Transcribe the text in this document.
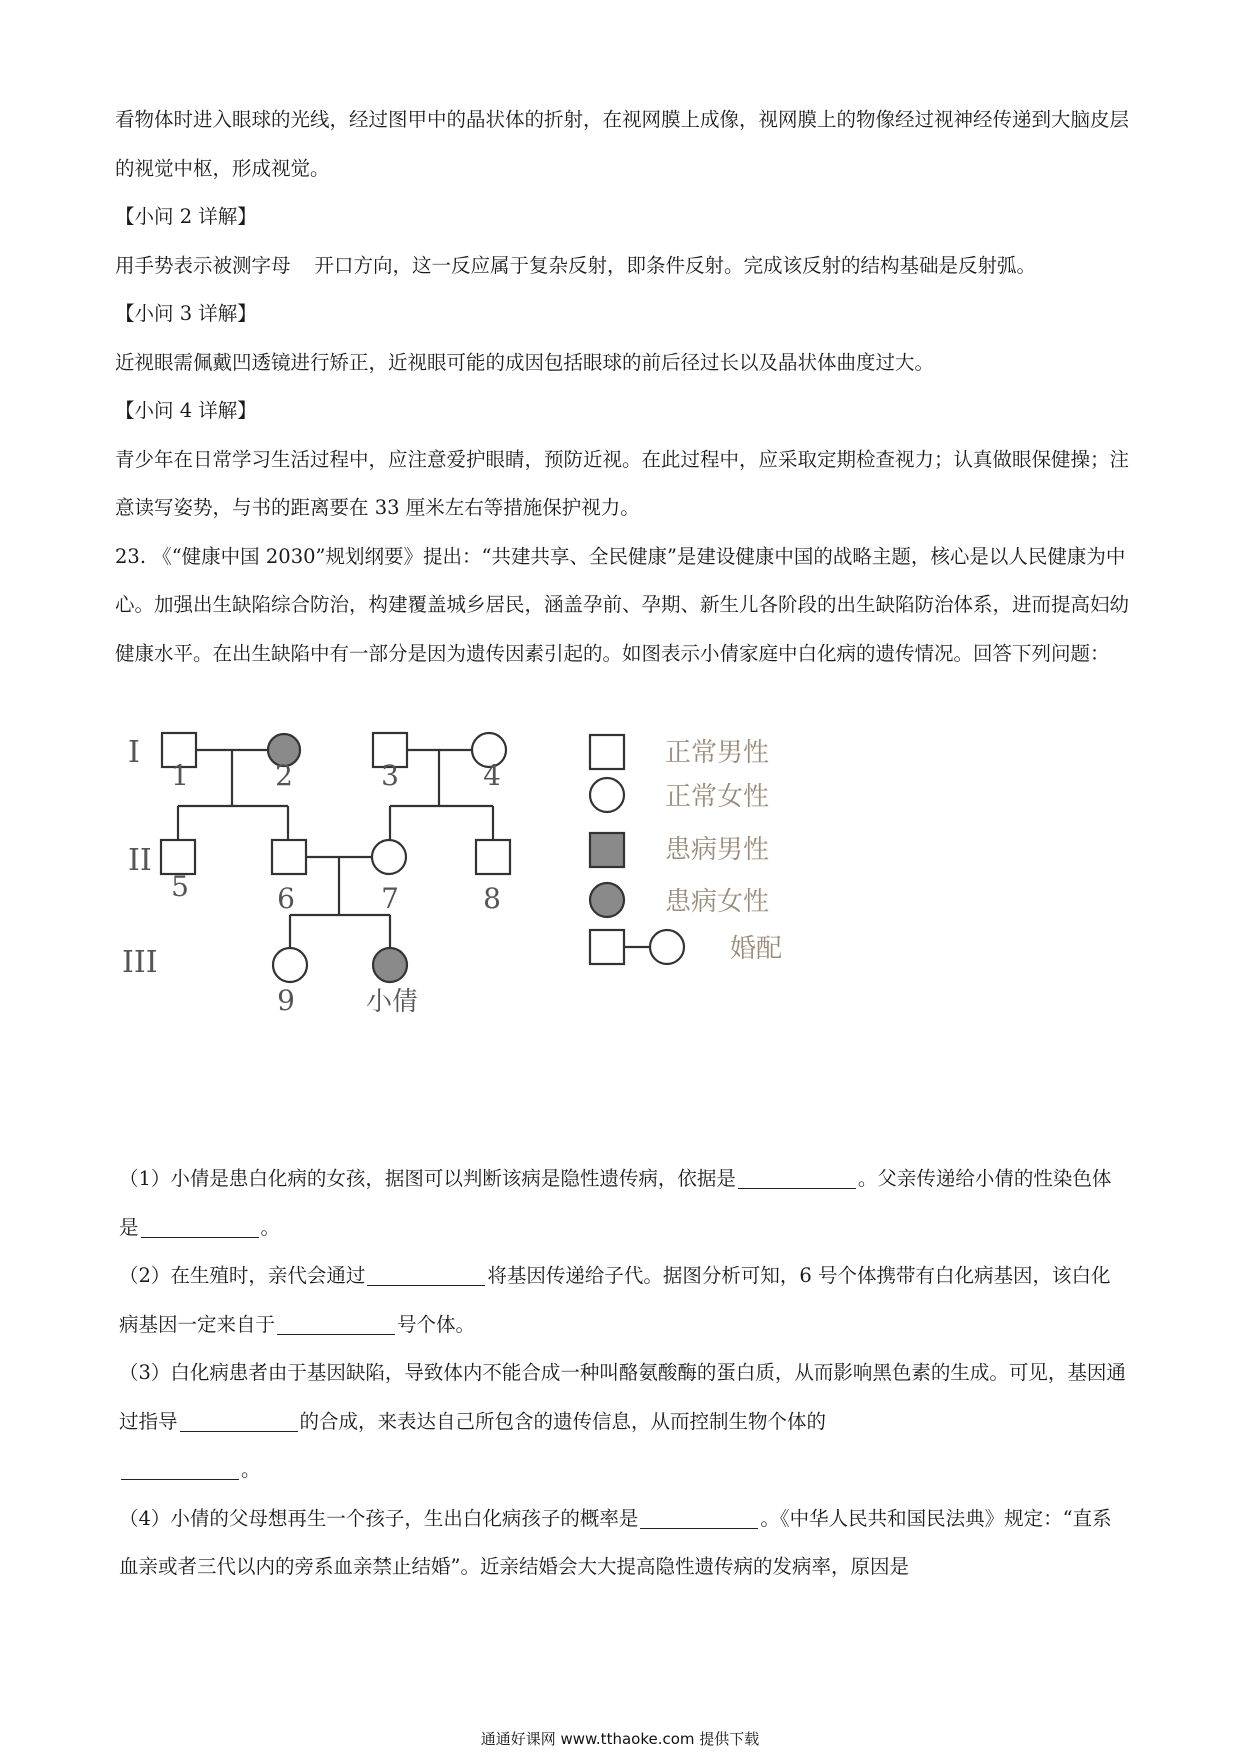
看物体时进入眼球的光线，经过图甲中的晶状体的折射，在视网膜上成像，视网膜上的物像经过视神经传递到大脑皮层的视觉中枢，形成视觉。

【小问 2 详解】

用手势表示被测字母 开口方向，这一反应属于复杂反射，即条件反射。完成该反射的结构基础是反射弧。

【小问 3 详解】

近视眼需佩戴凹透镜进行矫正，近视眼可能的成因包括眼球的前后径过长以及晶状体曲度过大。

【小问 4 详解】

青少年在日常学习生活过程中，应注意爱护眼睛，预防近视。在此过程中，应采取定期检查视力；认真做眼保健操；注意读写姿势，与书的距离要在 33 厘米左右等措施保护视力。

23. 《“健康中国 2030”规划纲要》提出：“共建共享、全民健康”是建设健康中国的战略主题，核心是以人民健康为中心。加强出生缺陷综合防治，构建覆盖城乡居民，涵盖孕前、孕期、新生儿各阶段的出生缺陷防治体系，进而提高妇幼健康水平。在出生缺陷中有一部分是因为遗传因素引起的。如图表示小倩家庭中白化病的遗传情况。回答下列问题：

I
II
III
1	2	3	4
5	6	7	8
9	小倩
正常男性
正常女性
患病男性
患病女性
婚配

（1）小倩是患白化病的女孩，据图可以判断该病是隐性遗传病，依据是	。父亲传递给小倩的性染色体是	。

（2）在生殖时，亲代会通过	将基因传递给子代。据图分析可知，6 号个体携带有白化病基因，该白化病基因一定来自于	号个体。

（3）白化病患者由于基因缺陷，导致体内不能合成一种叫酪氨酸酶的蛋白质，从而影响黑色素的生成。可见，基因通过指导	的合成，来表达自己所包含的遗传信息，从而控制生物个体的
。

（4）小倩的父母想再生一个孩子，生出白化病孩子的概率是	。《中华人民共和国民法典》规定：“直系血亲或者三代以内的旁系血亲禁止结婚”。近亲结婚会大大提高隐性遗传病的发病率，原因是

通通好课网 www.tthaoke.com 提供下载
